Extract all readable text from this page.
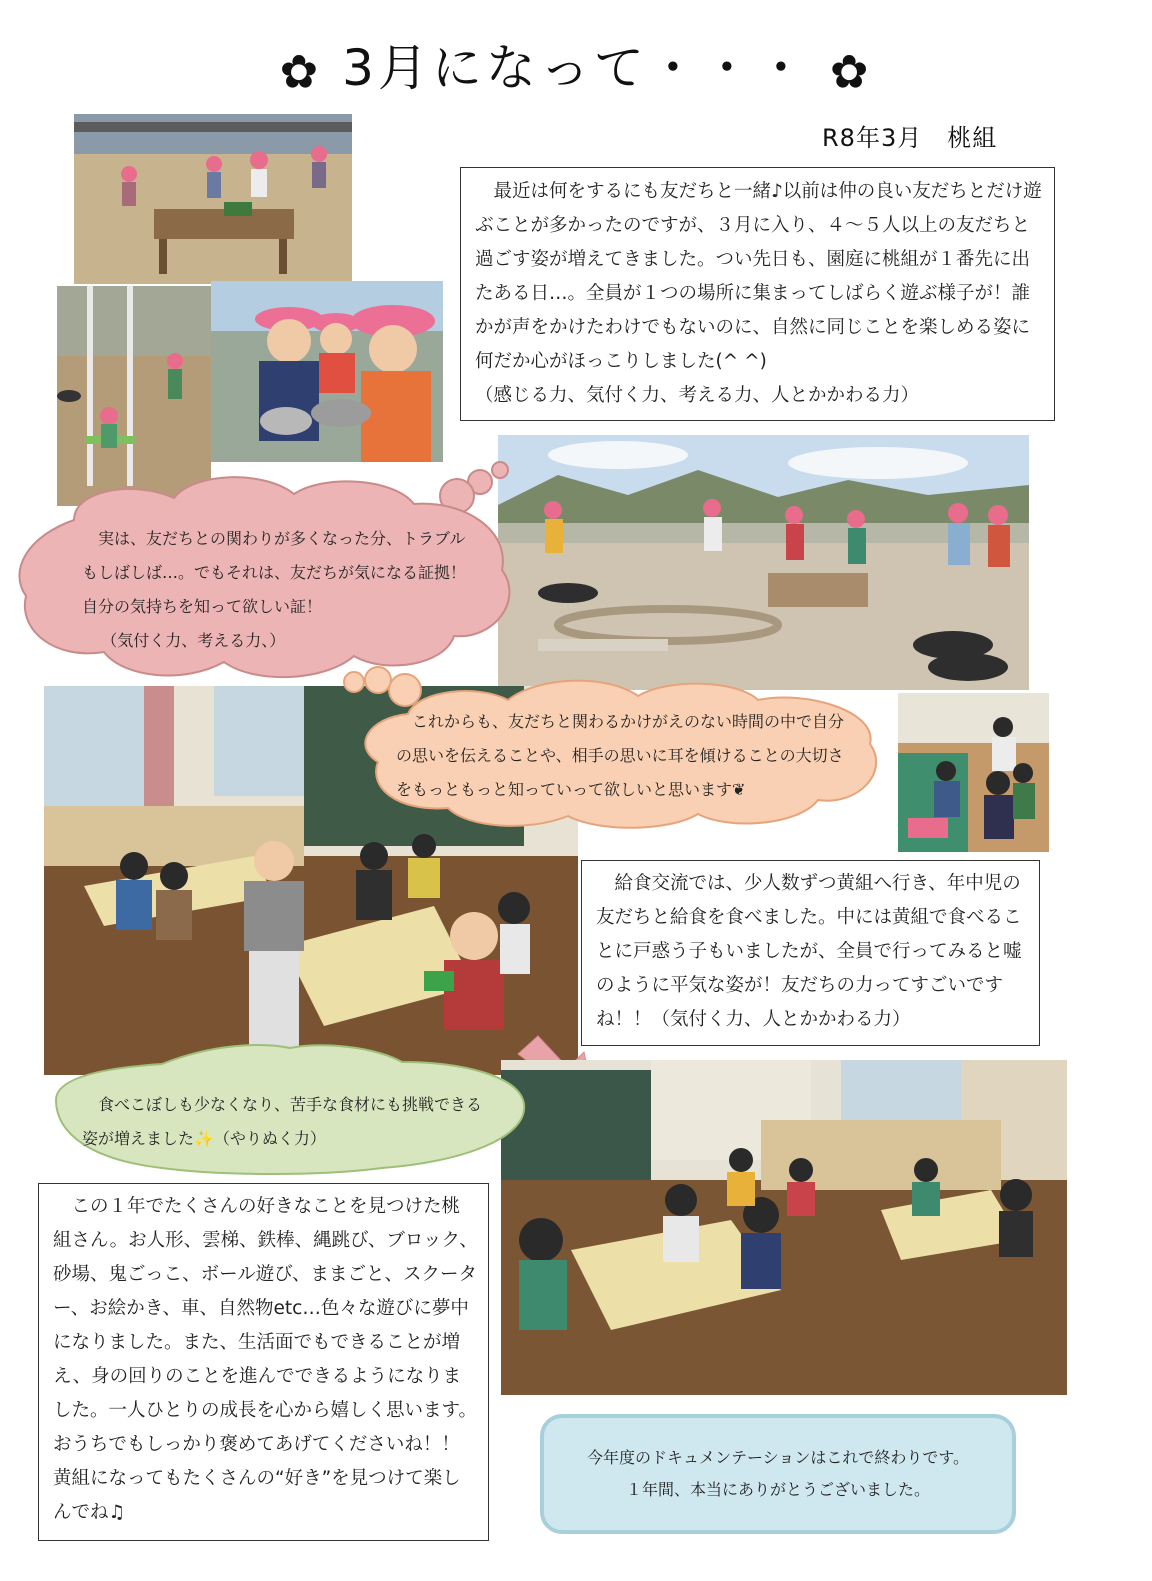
✿ 3月になって・・・ ✿
R8年3月　桃組

最近は何をするにも友だちと一緒♪以前は仲の良い友だちとだけ遊ぶことが多かったのですが、３月に入り、４～５人以上の友だちと過ごす姿が増えてきました。つい先日も、園庭に桃組が１番先に出たある日…。全員が１つの場所に集まってしばらく遊ぶ様子が！誰かが声をかけたわけでもないのに、自然に同じことを楽しめる姿に何だか心がほっこりしました(^ ^)

（感じる力、気付く力、考える力、人とかかわる力）

実は、友だちとの関わりが多くなった分、トラブル

もしばしば…。でもそれは、友だちが気になる証拠！

自分の気持ちを知って欲しい証！

（気付く力、考える力、）

これからも、友だちと関わるかけがえのない時間の中で自分

の思いを伝えることや、相手の思いに耳を傾けることの大切さ

をもっともっと知っていって欲しいと思います❦

給食交流では、少人数ずつ黄組へ行き、年中児の友だちと給食を食べました。中には黄組で食べることに戸惑う子もいましたが、全員で行ってみると嘘のように平気な姿が！友だちの力ってすごいですね！！（気付く力、人とかかわる力）

食べこぼしも少なくなり、苦手な食材にも挑戦できる

姿が増えました✨（やりぬく力）

この１年でたくさんの好きなことを見つけた桃組さん。お人形、雲梯、鉄棒、縄跳び、ブロック、砂場、鬼ごっこ、ボール遊び、ままごと、スクーター、お絵かき、車、自然物etc…色々な遊びに夢中になりました。また、生活面でもできることが増え、身の回りのことを進んでできるようになりました。一人ひとりの成長を心から嬉しく思います。おうちでもしっかり褒めてあげてくださいね！！黄組になってもたくさんの“好き”を見つけて楽しんでね♫

今年度のドキュメンテーションはこれで終わりです。
１年間、本当にありがとうございました。
